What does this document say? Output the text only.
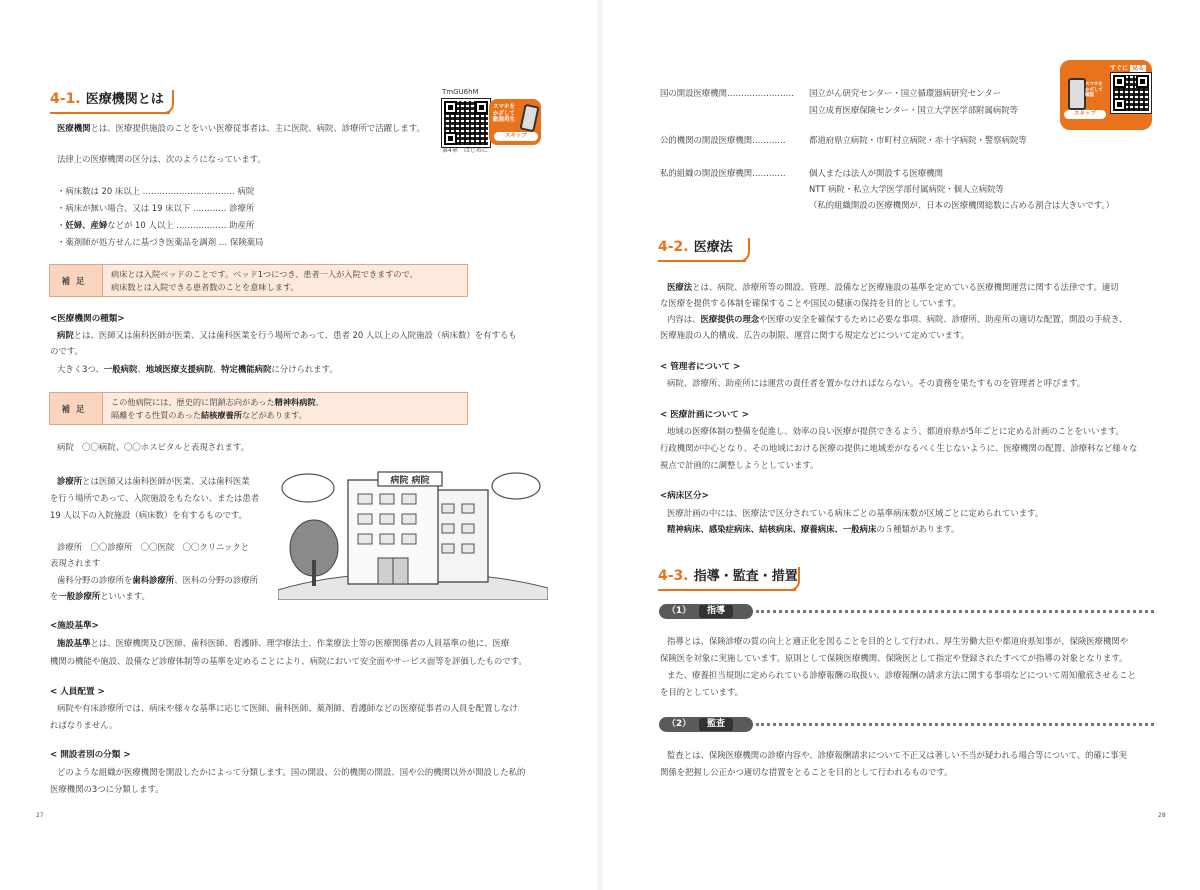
4-1. 医療機関とは	TmGU6hM
スマホを
かざして
動画再生
スキップ
第4章　はじめに
医療機関とは、医療提供施設のことをいい医療従事者は、主に医院、病院、診療所で活躍します。
法律上の医療機関の区分は、次のようになっています。
・病床数は 20 床以上 …………………………… 病院
・病床が無い場合、又は 19 床以下 ………… 診療所
・妊婦、産婦などが 10 人以上 ……………… 助産所
・薬剤師が処方せんに基づき医薬品を調剤 … 保険薬局
補足
病床とは入院ベッドのことです。ベッド1つにつき、患者一人が入院できますので、
病床数とは入院できる患者数のことを意味します。
<医療機関の種類>
病院とは、医師又は歯科医師が医業、又は歯科医業を行う場所であって、患者 20 人以上の入院施設（病床数）を有するも
のです。
大きく3つ、一般病院、地域医療支援病院、特定機能病院に分けられます。
補足
この他病院には、歴史的に閉鎖志向があった精神科病院、
隔離をする性質のあった結核療養所などがあります。
病院　〇〇病院、〇〇ホスピタルと表現されます。
診療所とは医師又は歯科医師が医業、又は歯科医業
を行う場所であって、入院施設をもたない、または患者
19 人以下の入院施設（病床数）を有するものです。
診療所　〇〇診療所　〇〇医院　〇〇クリニックと
表現されます
歯科分野の診療所を歯科診療所、医科の分野の診療所
を一般診療所といいます。
病院 病院
<施設基準>
施設基準とは、医療機関及び医師、歯科医師、看護師、理学療法士、作業療法士等の医療関係者の人員基準の他に、医療
機関の機能や施設、設備など診療体制等の基準を定めることにより、病院において安全面やサービス面等を評価したものです。
< 人員配置 >
病院や有床診療所では、病床や様々な基準に応じて医師、歯科医師、薬剤師、看護師などの医療従事者の人員を配置しなけ
ればなりません。
< 開設者別の分類 >
どのような組織が医療機関を開設したかによって分類します。国の開設、公的機関の開設、国や公的機関以外が開設した私的
医療機関の3つに分類します。
27
すぐに 見る
スマホを
かざして
確認
スキップ
国の開設医療機関…………………… 国立がん研究センター・国立循環器病研究センター
国立成育医療保険センター・国立大学医学部附属病院等
公的機関の開設医療機関…………	都道府県立病院・市町村立病院・赤十字病院・警察病院等
私的組織の開設医療機関…………	個人または法人が開設する医療機関
NTT 病院・私立大学医学部付属病院・個人立病院等
（私的組織開設の医療機関が、日本の医療機関総数に占める割合は大きいです。）
4-2. 医療法
医療法とは、病院、診療所等の開設、管理、設備など医療施設の基準を定めている医療機関運営に関する法律です。適切
な医療を提供する体制を確保することや国民の健康の保持を目的としています。
内容は、医療提供の理念や医療の安全を確保するために必要な事項、病院、診療所、助産所の適切な配置、開設の手続き、
医療施設の人的構成、広告の制限、運営に関する規定などについて定めています。
< 管理者について >
病院、診療所、助産所には運営の責任者を置かなければならない。その責務を果たすものを管理者と呼びます。
< 医療計画について >
地域の医療体制の整備を促進し、効率の良い医療が提供できるよう、都道府県が5年ごとに定める計画のことをいいます。
行政機関が中心となり、その地域における医療の提供に地域差がなるべく生じないように、医療機関の配置、診療科など様々な
視点で計画的に調整しようとしています。
<病床区分>
医療計画の中には、医療法で区分されている病床ごとの基準病床数が区域ごとに定められています。
精神病床、感染症病床、結核病床、療養病床、一般病床の５種類があります。
4-3. 指導・監査・措置
（1） 指導
指導とは、保険診療の質の向上と適正化を図ることを目的として行われ、厚生労働大臣や都道府県知事が、保険医療機関や
保険医を対象に実施しています。原則として保険医療機関、保険医として指定や登録されたすべてが指導の対象となります。
また、療養担当規則に定められている診療報酬の取扱い、診療報酬の請求方法に関する事項などについて周知徹底させること
を目的としています。
（2） 監査
監査とは、保険医療機関の診療内容や、診療報酬請求について不正又は著しい不当が疑われる場合等について、的確に事実
関係を把握し公正かつ適切な措置をとることを目的として行われるものです。
28
